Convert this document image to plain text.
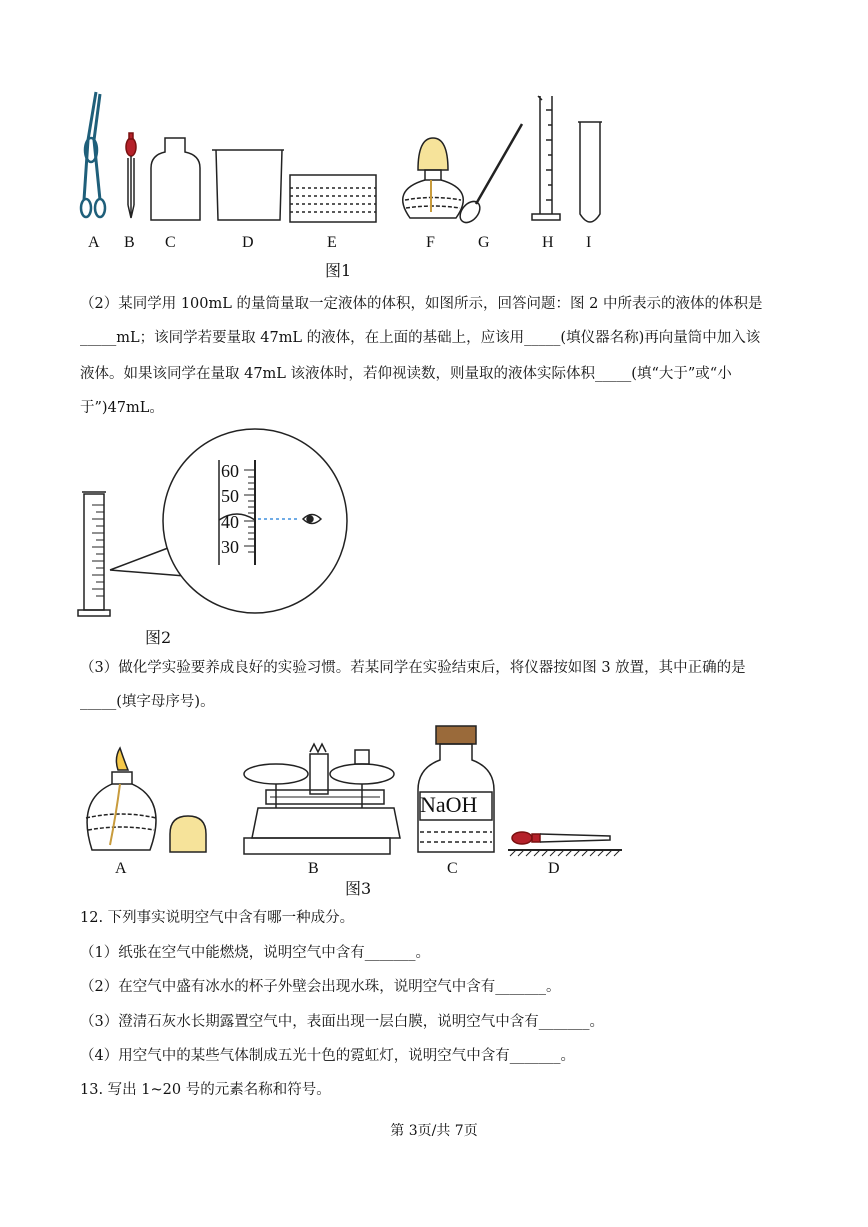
A B C	D	E	F	G	H I
图1
（2）某同学用 100mL 的量筒量取一定液体的体积，如图所示，回答问题：图 2 中所表示的液体的体积是
_____mL；该同学若要量取 47mL 的液体，在上面的基础上，应该用_____(填仪器名称)再向量筒中加入该
液体。如果该同学在量取 47mL 该液体时，若仰视读数，则量取的液体实际体积_____(填“大于”或“小
于”)47mL。
60
50
40
30
图2
（3）做化学实验要养成良好的实验习惯。若某同学在实验结束后，将仪器按如图 3 放置，其中正确的是
_____(填字母序号)。
NaOH
A	B	C	D
图3
12. 下列事实说明空气中含有哪一种成分。
（1）纸张在空气中能燃烧，说明空气中含有_______。
（2）在空气中盛有冰水的杯子外壁会出现水珠，说明空气中含有_______。
（3）澄清石灰水长期露置空气中，表面出现一层白膜，说明空气中含有_______。
（4）用空气中的某些气体制成五光十色的霓虹灯，说明空气中含有_______。
13. 写出 1~20 号的元素名称和符号。
第 3页/共 7页
